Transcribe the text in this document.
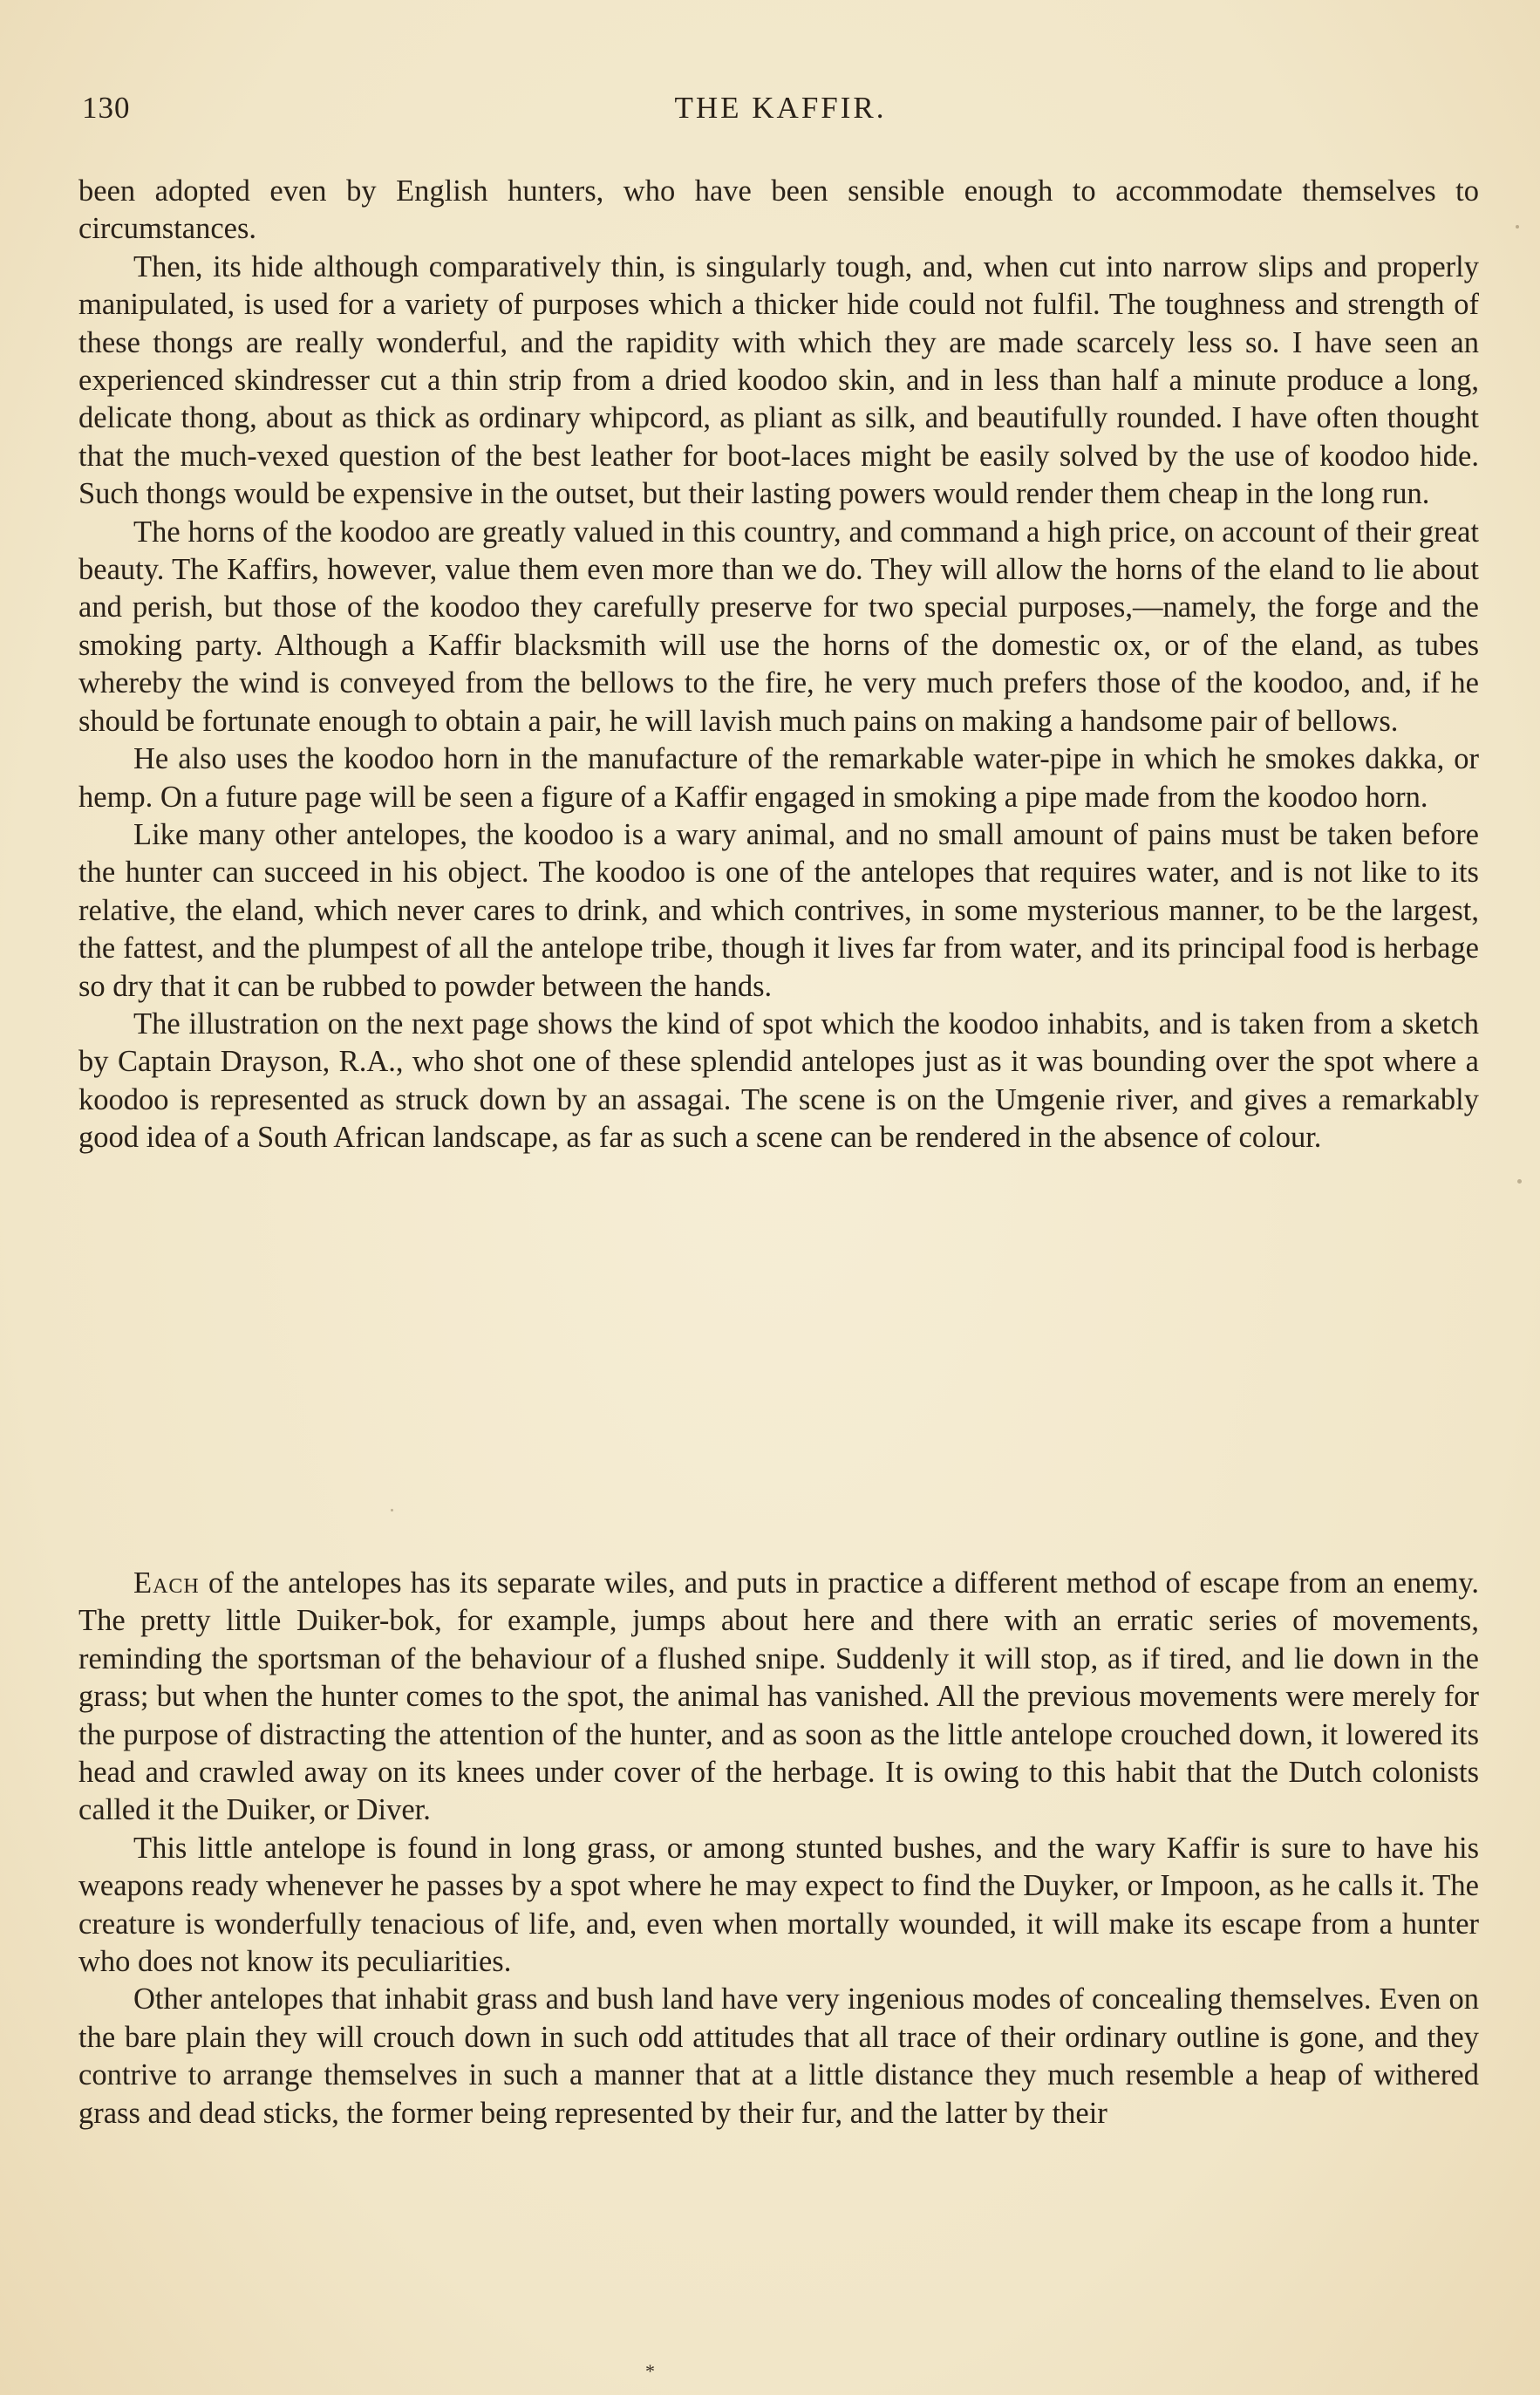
130	THE KAFFIR.

been adopted even by English hunters, who have been sensible enough to accommodate themselves to circumstances.

Then, its hide although comparatively thin, is singularly tough, and, when cut into narrow slips and properly manipulated, is used for a variety of purposes which a thicker hide could not fulfil. The toughness and strength of these thongs are really wonderful, and the rapidity with which they are made scarcely less so. I have seen an experienced skindresser cut a thin strip from a dried koodoo skin, and in less than half a minute produce a long, delicate thong, about as thick as ordinary whipcord, as pliant as silk, and beautifully rounded. I have often thought that the much-vexed question of the best leather for boot-laces might be easily solved by the use of koodoo hide. Such thongs would be expensive in the outset, but their lasting powers would render them cheap in the long run.

The horns of the koodoo are greatly valued in this country, and command a high price, on account of their great beauty. The Kaffirs, however, value them even more than we do. They will allow the horns of the eland to lie about and perish, but those of the koodoo they carefully preserve for two special purposes,—namely, the forge and the smoking party. Although a Kaffir blacksmith will use the horns of the domestic ox, or of the eland, as tubes whereby the wind is conveyed from the bellows to the fire, he very much prefers those of the koodoo, and, if he should be fortunate enough to obtain a pair, he will lavish much pains on making a handsome pair of bellows.

He also uses the koodoo horn in the manufacture of the remarkable water-pipe in which he smokes dakka, or hemp. On a future page will be seen a figure of a Kaffir engaged in smoking a pipe made from the koodoo horn.

Like many other antelopes, the koodoo is a wary animal, and no small amount of pains must be taken before the hunter can succeed in his object. The koodoo is one of the antelopes that requires water, and is not like to its relative, the eland, which never cares to drink, and which contrives, in some mysterious manner, to be the largest, the fattest, and the plumpest of all the antelope tribe, though it lives far from water, and its principal food is herbage so dry that it can be rubbed to powder between the hands.

The illustration on the next page shows the kind of spot which the koodoo inhabits, and is taken from a sketch by Captain Drayson, R.A., who shot one of these splendid antelopes just as it was bounding over the spot where a koodoo is represented as struck down by an assagai. The scene is on the Umgenie river, and gives a remarkably good idea of a South African landscape, as far as such a scene can be rendered in the absence of colour.

Each of the antelopes has its separate wiles, and puts in practice a different method of escape from an enemy. The pretty little Duiker-bok, for example, jumps about here and there with an erratic series of movements, reminding the sportsman of the behaviour of a flushed snipe. Suddenly it will stop, as if tired, and lie down in the grass; but when the hunter comes to the spot, the animal has vanished. All the previous movements were merely for the purpose of distracting the attention of the hunter, and as soon as the little antelope crouched down, it lowered its head and crawled away on its knees under cover of the herbage. It is owing to this habit that the Dutch colonists called it the Duiker, or Diver.

This little antelope is found in long grass, or among stunted bushes, and the wary Kaffir is sure to have his weapons ready whenever he passes by a spot where he may expect to find the Duyker, or Impoon, as he calls it. The creature is wonderfully tenacious of life, and, even when mortally wounded, it will make its escape from a hunter who does not know its peculiarities.

Other antelopes that inhabit grass and bush land have very ingenious modes of concealing themselves. Even on the bare plain they will crouch down in such odd attitudes that all trace of their ordinary outline is gone, and they contrive to arrange themselves in such a manner that at a little distance they much resemble a heap of withered grass and dead sticks, the former being represented by their fur, and the latter by their

*
